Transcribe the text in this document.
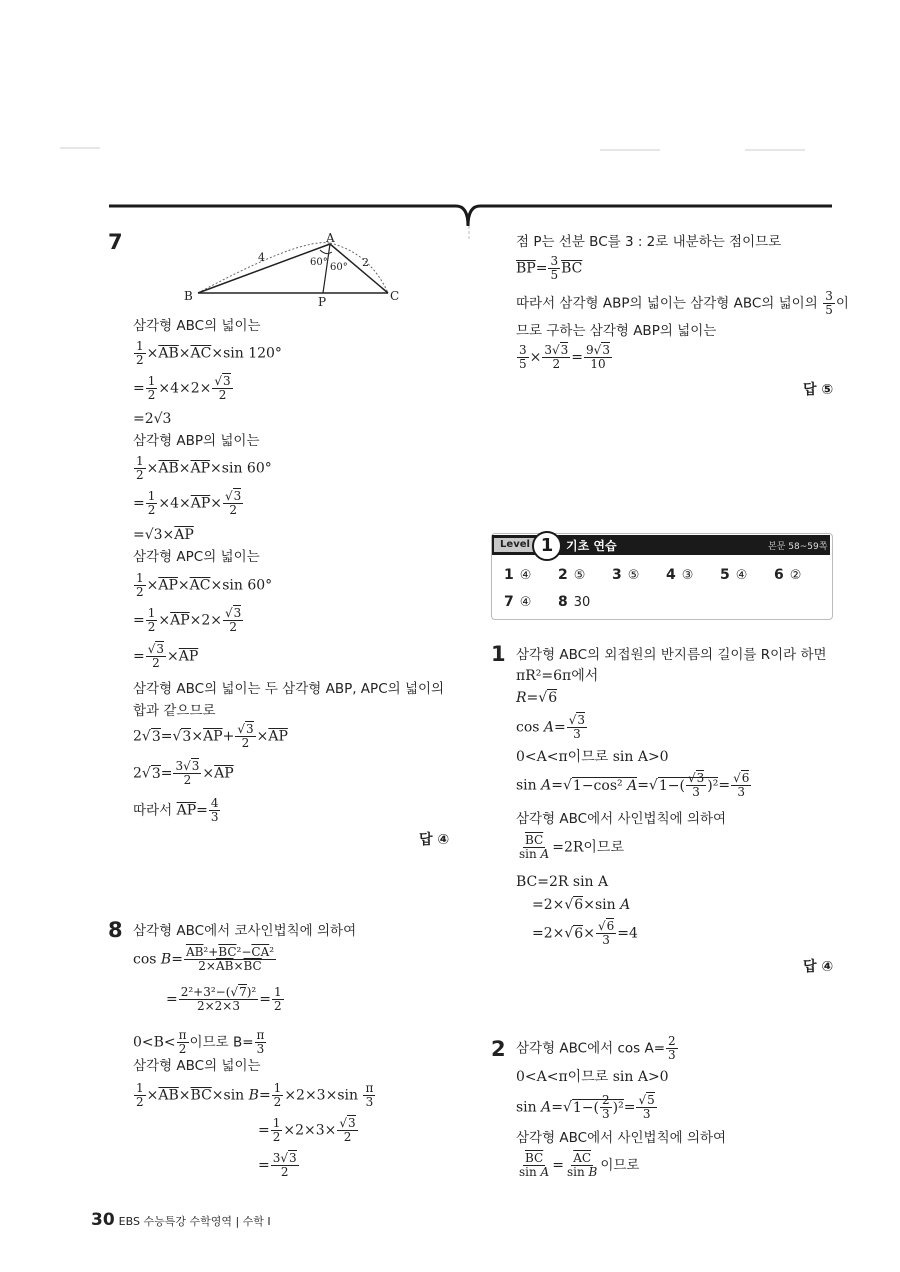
7	A
B	C
P
4	2
60° 60°
삼각형 ABC의 넓이는
$\frac{1}{2} \times\overline{AB}\times\overline{AC}\times\sin$ 120°
= $\frac{1}{2} \times 4\times 2\times \frac{√3}{2}$
=2√3
삼각형 ABP의 넓이는
$\frac{1}{2} \times\overline{AB}\times\overline{AP}\times\sin$ 60°
= $\frac{1}{2} \times 4\times\overline{AP}\times \frac{√3}{2}$
$=√3\times\overline{AP}$
삼각형 APC의 넓이는
$\frac{1}{2} \times\overline{AP}\times\overline{AC}\times\sin$ 60°
= $\frac{1}{2} \times\overline{AP}\times 2\times \frac{√3}{2}$
= $\frac{√3}{2} \times\overline{AP}$
삼각형 ABC의 넓이는 두 삼각형 ABP, APC의 넓이의
합과 같으므로
$2√3=√3\times\overline{AP}+ \frac{√3}{2} \times\overline{AP}$
$2√3= \frac{3√3}{2} \times\overline{AP}$
따라서 $\overline{AP}= \frac{4}{3}$
답 ④
8 삼각형 ABC에서 코사인법칙에 의하여
$\cos B= \frac{\overline{AB}^2+\overline{BC}^2-\overline{CA}^2}{2\times\overline{AB}\times\overline{BC}}$
= $\frac{\text{2²+3²−(√7)²}}{2\times 2\times 3} = \frac{1}{2}$
$0<B< \frac{\pi}{2}$ 이므로 $B= \frac{\pi}{3}$
삼각형 ABC의 넓이는
$\frac{1}{2} \times\overline{AB}\times\overline{BC}\times\sin$ $B= \frac{1}{2} \times 2\times 3\times\sin \frac{\pi}{3}$
= $\frac{1}{2} \times 2\times 3\times \frac{√3}{2}$
= $\frac{3√3}{2}$
점 P는 선분 BC를 3 : 2로 내분하는 점이므로
$\overline{BP}= \frac{3}{5} \overline{BC}$
따라서 삼각형 ABP의 넓이는 삼각형 ABC의 넓이의 $\frac{3}{5}$ 이
므로 구하는 삼각형 ABP의 넓이는
$\frac{3}{5} \times \frac{3√3}{2} = \frac{9√3}{10}$
답 ⑤
Level 1	기초 연습	본문 58~59쪽
1 ④ 2 ⑤ 3 ⑤ 4 ③ 5 ④ 6 ②
7 ④ 8 30
1 삼각형 ABC의 외접원의 반지름의 길이를 R이라 하면
πR²=6π에서
R=√6
$\cos A= \frac{√3}{3}$
0<A<π이므로 sin A>0
sin A=√1−cos² $A=√1-( \frac{√3}{3} )^2= \frac{√6}{3}$
삼각형 ABC에서 사인법칙에 의하여
$\frac{\overline{BC}}{\text{sin A}} =2R$이므로
BC=2R sin A
=2×√6×sin A
$=2\times√6\times \frac{√6}{3} =4$
답 ④
2 삼각형 ABC에서 $\cos A= \frac{2}{3}$
0<A<π이므로 sin A>0
$\sin A=√1-( \frac{2}{3} )^2= \frac{√5}{3}$
삼각형 ABC에서 사인법칙에 의하여
$\frac{\overline{BC}}{\text{sin A}} = \frac{\overline{AC}}{\text{sin B}}$ 이므로
30 EBS 수능특강 수학영역 | 수학 I
